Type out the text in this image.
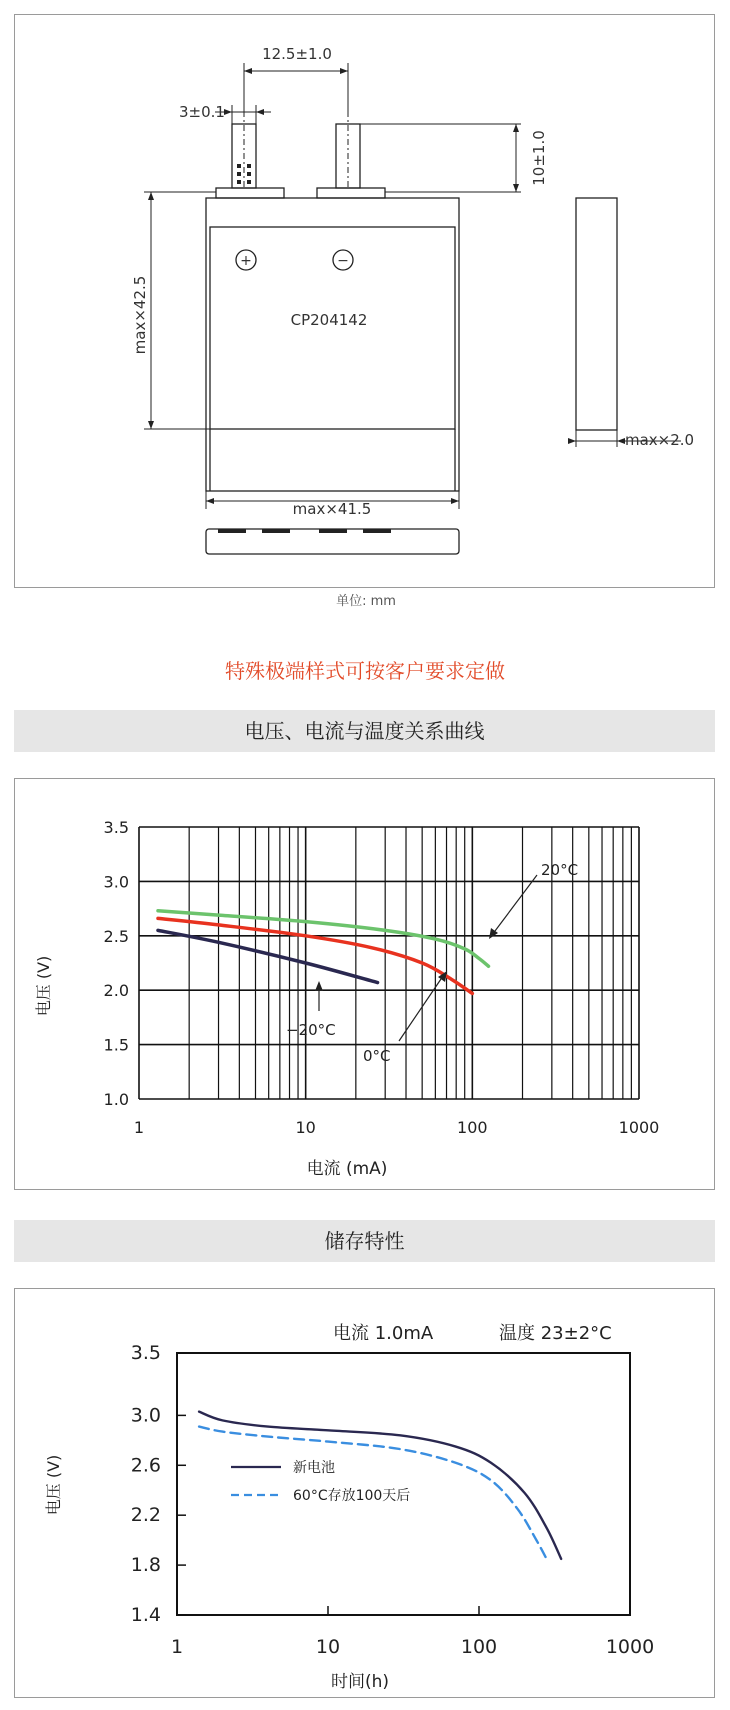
12.5±1.0
3±0.1
10±1.0
max×42.5
max×41.5
max×2.0
+	−
CP204142
单位: mm
特殊极端样式可按客户要求定做
电压、电流与温度关系曲线
1	10	100	1000
1.0
1.5
2.0
2.5
3.0
3.5
20°C
−20°C
0°C
电流 (mA)
电压 (V)
储存特性
1	10	100	1000
1.4
1.8
2.2
2.6
3.0
3.5
电流 1.0mA	温度 23±2°C
新电池
60°C存放100天后
时间(h)
电压 (V)
